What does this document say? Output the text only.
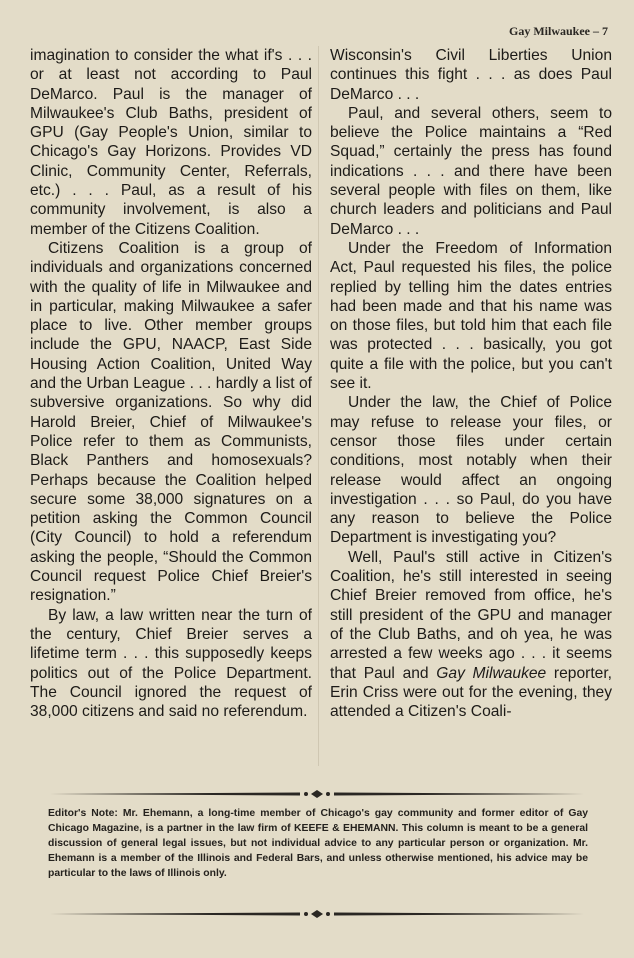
Gay Milwaukee – 7

imagination to consider the what if's . . . or at least not according to Paul DeMarco. Paul is the manager of Milwaukee's Club Baths, president of GPU (Gay People's Union, similar to Chicago's Gay Horizons. Provides VD Clinic, Community Center, Referrals, etc.) . . . Paul, as a result of his community involvement, is also a member of the Citizens Coalition.

Citizens Coalition is a group of individuals and organizations concerned with the quality of life in Milwaukee and in particular, making Milwaukee a safer place to live. Other member groups include the GPU, NAACP, East Side Housing Action Coalition, United Way and the Urban League . . . hardly a list of subversive organizations. So why did Harold Breier, Chief of Milwaukee's Police refer to them as Communists, Black Panthers and homosexuals? Perhaps because the Coalition helped secure some 38,000 signatures on a petition asking the Common Council (City Council) to hold a referendum asking the people, “Should the Common Council request Police Chief Breier's resignation.”

By law, a law written near the turn of the century, Chief Breier serves a lifetime term . . . this supposedly keeps politics out of the Police Department. The Council ignored the request of 38,000 citizens and said no referendum.

Wisconsin's Civil Liberties Union continues this fight . . . as does Paul DeMarco . . .

Paul, and several others, seem to believe the Police maintains a “Red Squad,” certainly the press has found indications . . . and there have been several people with files on them, like church leaders and politicians and Paul DeMarco . . .

Under the Freedom of Information Act, Paul requested his files, the police replied by telling him the dates entries had been made and that his name was on those files, but told him that each file was protected . . . basically, you got quite a file with the police, but you can't see it.

Under the law, the Chief of Police may refuse to release your files, or censor those files under certain conditions, most notably when their release would affect an ongoing investigation . . . so Paul, do you have any reason to believe the Police Department is investigating you?

Well, Paul's still active in Citizen's Coalition, he's still interested in seeing Chief Breier removed from office, he's still president of the GPU and manager of the Club Baths, and oh yea, he was arrested a few weeks ago . . . it seems that Paul and Gay Milwaukee reporter, Erin Criss were out for the evening, they attended a Citizen's Coali-

Editor's Note: Mr. Ehemann, a long-time member of Chicago's gay community and former editor of Gay Chicago Magazine, is a partner in the law firm of KEEFE & EHEMANN. This column is meant to be a general discussion of general legal issues, but not individual advice to any particular person or organization. Mr. Ehemann is a member of the Illinois and Federal Bars, and unless otherwise mentioned, his advice may be particular to the laws of Illinois only.
